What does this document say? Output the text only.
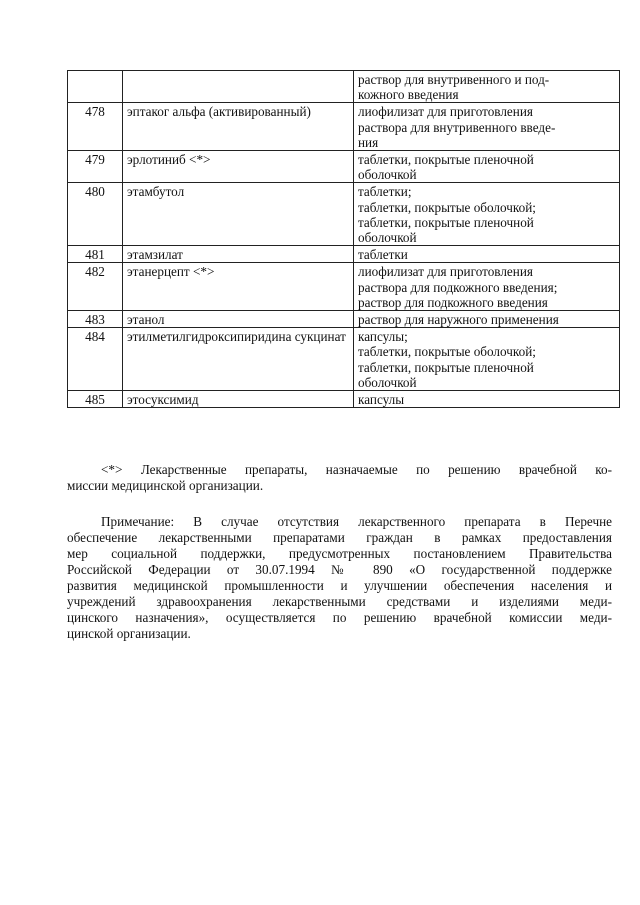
		раствор для внутривенного и под-
кожного введения

478	эптаког альфа (активированный)	лиофилизат для приготовления
раствора для внутривенного введе-
ния

479	эрлотиниб <*>	таблетки, покрытые пленочной
оболочкой

480	этамбутол	таблетки;
таблетки, покрытые оболочкой;
таблетки, покрытые пленочной
оболочкой

481	этамзилат	таблетки

482	этанерцепт <*>	лиофилизат для приготовления
раствора для подкожного введения;
раствор для подкожного введения

483	этанол	раствор для наружного применения

484	этилметилгидроксипиридина сукцинат	капсулы;
таблетки, покрытые оболочкой;
таблетки, покрытые пленочной
оболочкой

485	этосуксимид	капсулы
<*> Лекарственные препараты, назначаемые по решению врачебной ко-
миссии медицинской организации.
Примечание: В случае отсутствия лекарственного препарата в Перечне
обеспечение лекарственными препаратами граждан в рамках предоставления
мер социальной поддержки, предусмотренных постановлением Правительства
Российской Федерации от 30.07.1994 № 890 «О государственной поддержке
развития медицинской промышленности и улучшении обеспечения населения и
учреждений здравоохранения лекарственными средствами и изделиями меди-
цинского назначения», осуществляется по решению врачебной комиссии меди-
цинской организации.
